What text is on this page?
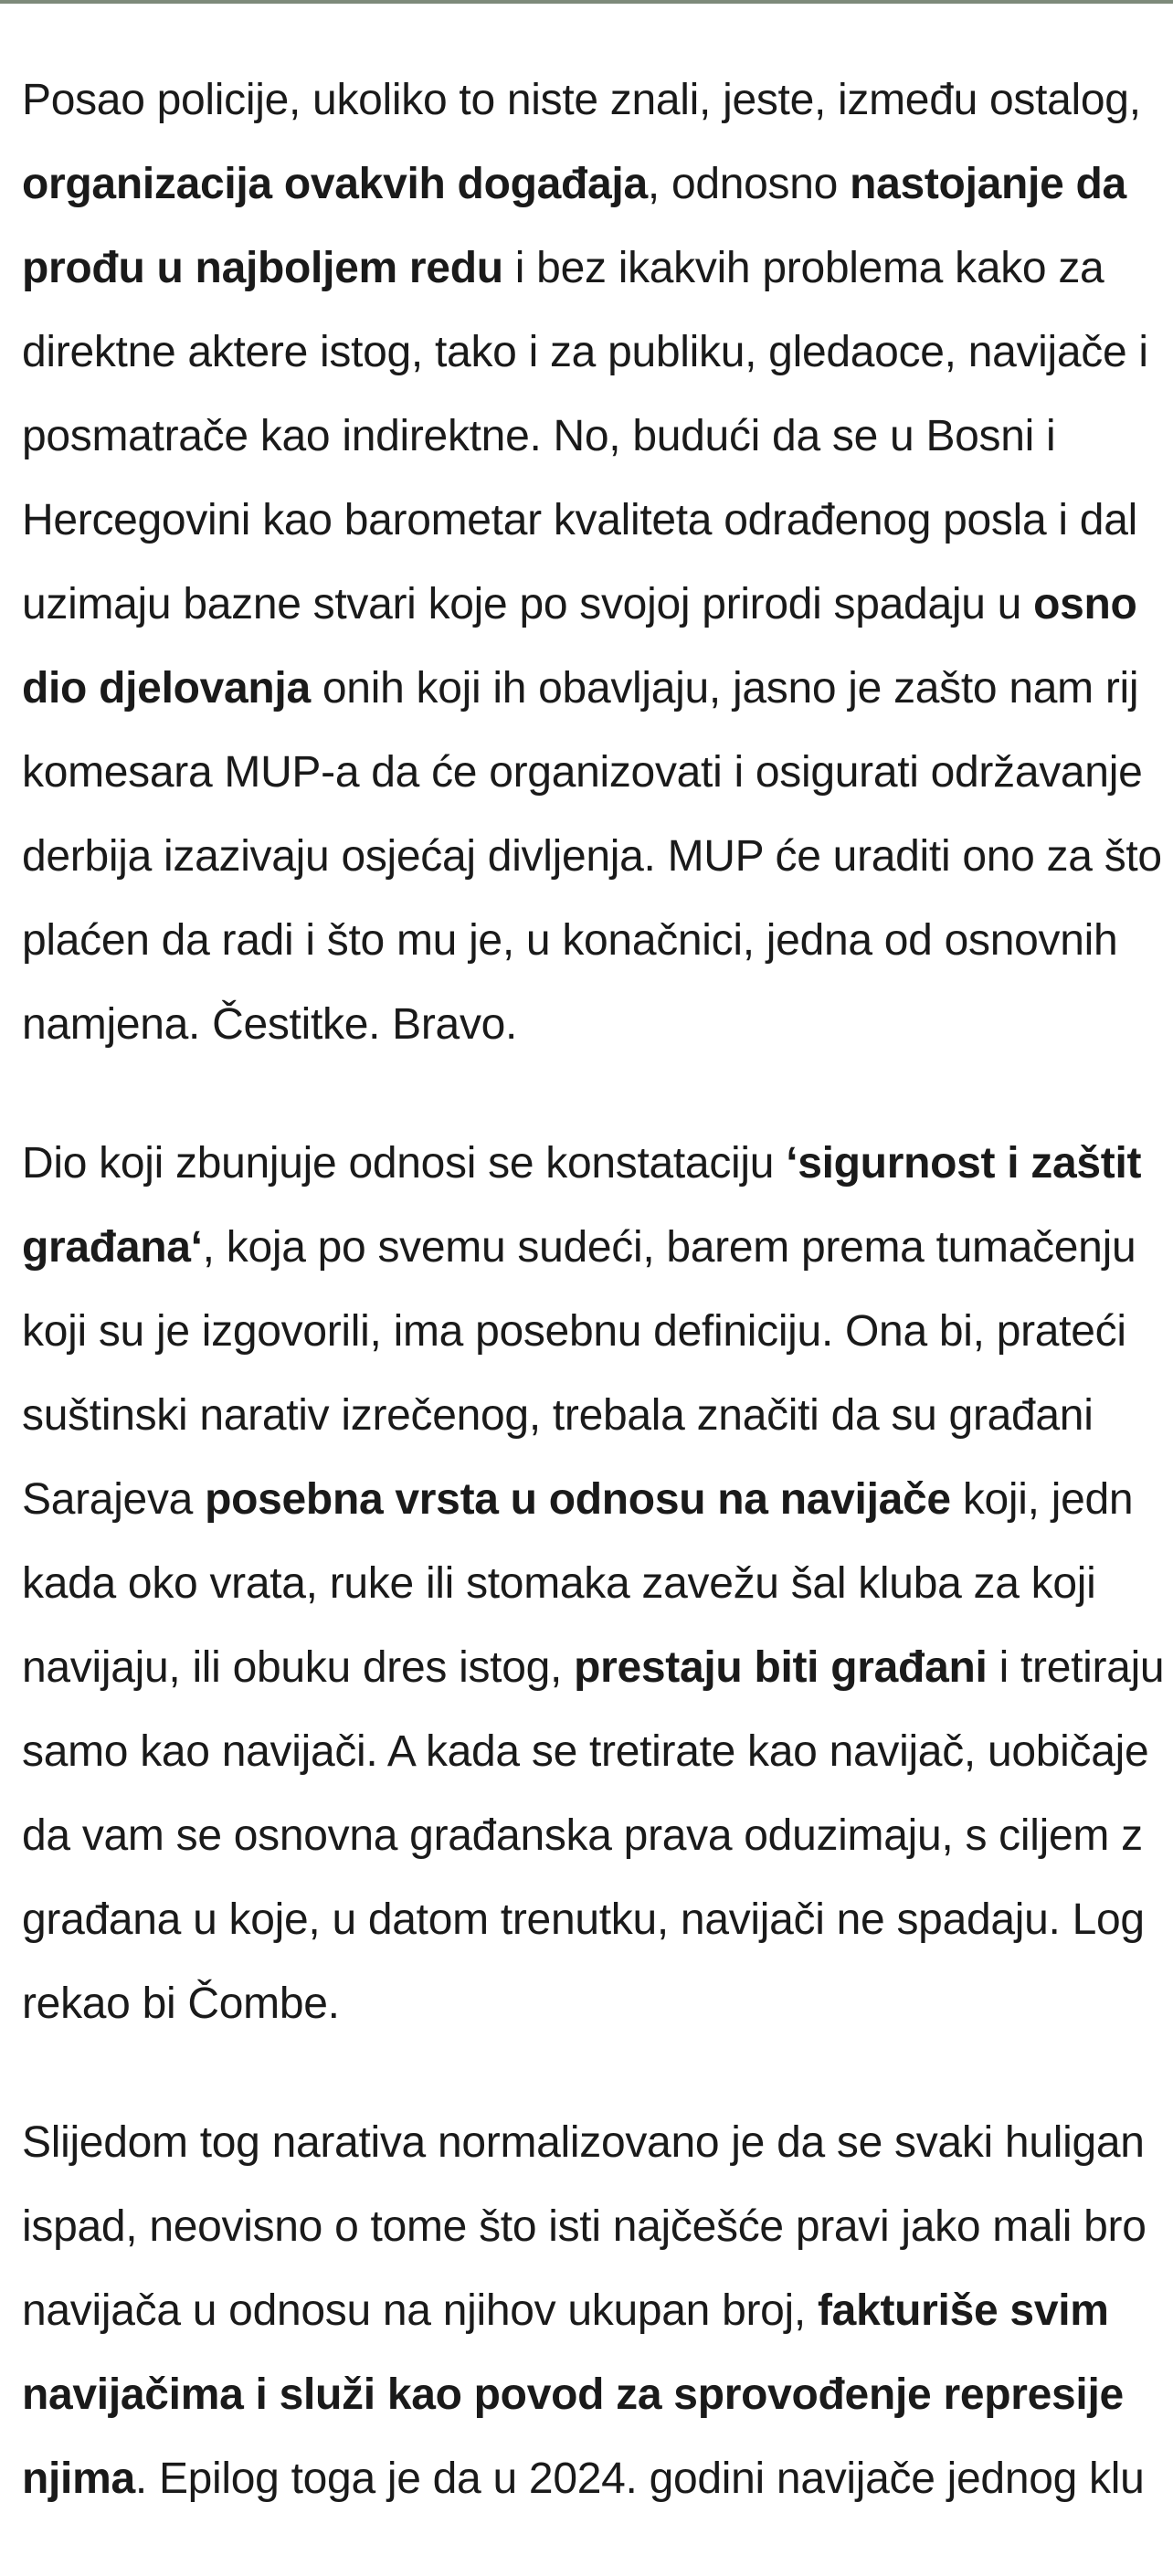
Posao policije, ukoliko to niste znali, jeste, između ostalog,
organizacija ovakvih događaja, odnosno nastojanje da
prođu u najboljem redu i bez ikakvih problema kako za
direktne aktere istog, tako i za publiku, gledaoce, navijače i
posmatrače kao indirektne. No, budući da se u Bosni i
Hercegovini kao barometar kvaliteta odrađenog posla i dal
uzimaju bazne stvari koje po svojoj prirodi spadaju u osno
dio djelovanja onih koji ih obavljaju, jasno je zašto nam rij
komesara MUP-a da će organizovati i osigurati održavanje
derbija izazivaju osjećaj divljenja. MUP će uraditi ono za što
plaćen da radi i što mu je, u konačnici, jedna od osnovnih
namjena. Čestitke. Bravo.

Dio koji zbunjuje odnosi se konstataciju ‘sigurnost i zaštit
građana‘, koja po svemu sudeći, barem prema tumačenju
koji su je izgovorili, ima posebnu definiciju. Ona bi, prateći
suštinski narativ izrečenog, trebala značiti da su građani
Sarajeva posebna vrsta u odnosu na navijače koji, jedn
kada oko vrata, ruke ili stomaka zavežu šal kluba za koji
navijaju, ili obuku dres istog, prestaju biti građani i tretiraju
samo kao navijači. A kada se tretirate kao navijač, uobičaje
da vam se osnovna građanska prava oduzimaju, s ciljem z
građana u koje, u datom trenutku, navijači ne spadaju. Log
rekao bi Čombe.

Slijedom tog narativa normalizovano je da se svaki huligan
ispad, neovisno o tome što isti najčešće pravi jako mali bro
navijača u odnosu na njihov ukupan broj, fakturiše svim
navijačima i služi kao povod za sprovođenje represije
njima. Epilog toga je da u 2024. godini navijače jednog klu
